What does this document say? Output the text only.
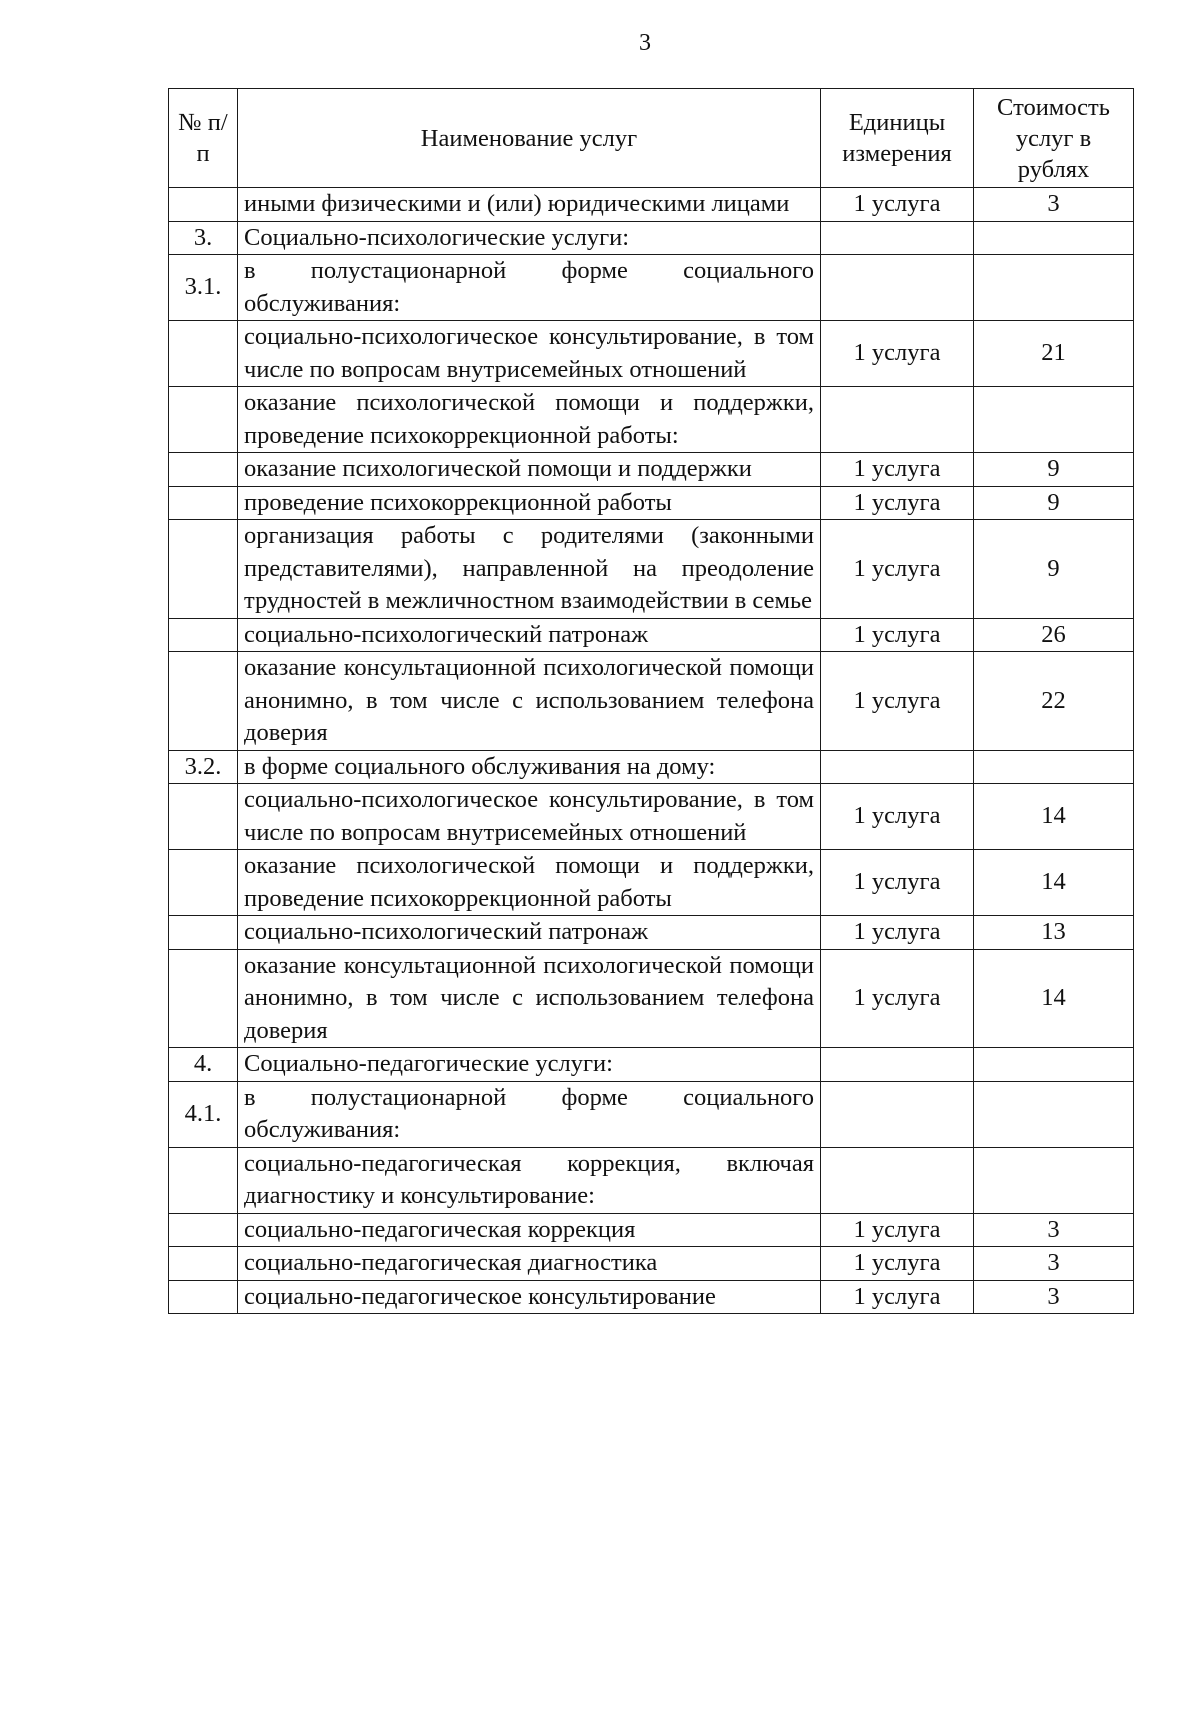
3
№ п/п	Наименование услуг	Единицы измерения	Стоимость услуг в рублях
	иными физическими и (или) юридическими лицами	1 услуга	3
3.	Социально-психологические услуги:		
3.1.	в полустационарной форме социального обслуживания:		
	социально-психологическое консультирование, в том числе по вопросам внутрисемейных отношений	1 услуга	21
	оказание психологической помощи и поддержки, проведение психокоррекционной работы:		
	оказание психологической помощи и поддержки	1 услуга	9
	проведение психокоррекционной работы	1 услуга	9
	организация работы с родителями (законными представителями), направленной на преодоление трудностей в межличностном взаимодействии в семье	1 услуга	9
	социально-психологический патронаж	1 услуга	26
	оказание консультационной психологической помощи анонимно, в том числе с использованием телефона доверия	1 услуга	22
3.2.	в форме социального обслуживания на дому:		
	социально-психологическое консультирование, в том числе по вопросам внутрисемейных отношений	1 услуга	14
	оказание психологической помощи и поддержки, проведение психокоррекционной работы	1 услуга	14
	социально-психологический патронаж	1 услуга	13
	оказание консультационной психологической помощи анонимно, в том числе с использованием телефона доверия	1 услуга	14
4.	Социально-педагогические услуги:		
4.1.	в полустационарной форме социального обслуживания:		
	социально-педагогическая коррекция, включая диагностику и консультирование:		
	социально-педагогическая коррекция	1 услуга	3
	социально-педагогическая диагностика	1 услуга	3
	социально-педагогическое консультирование	1 услуга	3
